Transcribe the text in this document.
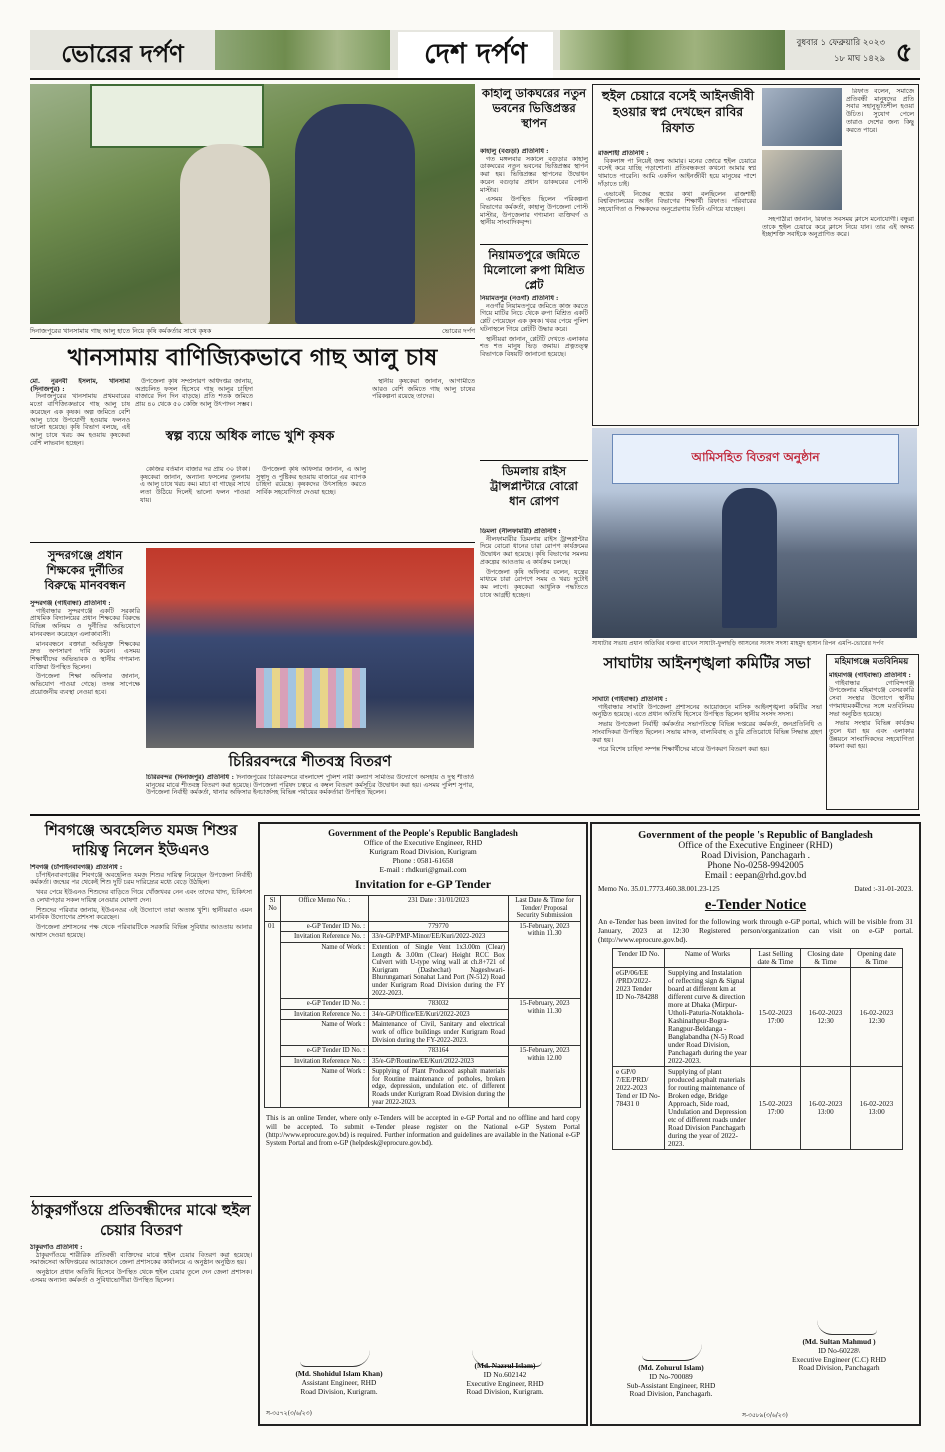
ভোরের দর্পণ	দেশ দর্পণ	বুধবার ১ ফেব্রুয়ারি ২০২৩
১৮ মাঘ ১৪২৯ ৫
দিনাজপুরের খানসামায় গাছ আলু হাতে নিয়ে কৃষি কর্মকর্তার সাথে কৃষক	ভোরের দর্পণ
কাহালু ডাকঘরের নতুন ভবনের ভিত্তিপ্রস্তর স্থাপন
কাহালু (বগুড়া) প্রতিনিধি :

গত মঙ্গলবার সকালে বগুড়ার কাহালু ডাকঘরের নতুন ভবনের ভিত্তিপ্রস্তর স্থাপন করা হয়। ভিত্তিপ্রস্তর স্থাপনের উদ্বোধন করেন বগুড়ার প্রধান ডাকঘরের পোস্ট মাস্টার।

এসময় উপস্থিত ছিলেন পরিকল্পনা বিভাগের কর্মকর্তা, কাহালু উপজেলা পোস্ট মাস্টার, উপজেলার গণ্যমান্য ব্যক্তিবর্গ ও স্থানীয় সাংবাদিকবৃন্দ।

নিয়ামতপুরে জমিতে মিলোলো রুপা মিশ্রিত প্লেট
নিয়ামতপুর (নওগাঁ) প্রতিনিধি :

নওগাঁর নিয়ামতপুরে জমিতে কাজ করতে গিয়ে মাটির নিচে থেকে রুপা মিশ্রিত একটি প্লেট পেয়েছেন এক কৃষক। খবর পেয়ে পুলিশ ঘটনাস্থলে গিয়ে প্লেটটি উদ্ধার করে।

স্থানীয়রা জানান, প্লেটটি দেখতে এলাকার শত শত মানুষ ভিড় জমায়। প্রত্নতত্ত্ব বিভাগকে বিষয়টি জানানো হয়েছে।

ডিমলায় রাইস ট্রান্সপ্লান্টারে বোরো ধান রোপণ
ডিমলা (নীলফামারী) প্রতিনিধি :

নীলফামারীর ডিমলায় রাইস ট্রান্সপ্লান্টার দিয়ে বোরো ধানের চারা রোপণ কার্যক্রমের উদ্বোধন করা হয়েছে। কৃষি বিভাগের সমলয় প্রকল্পের আওতায় এ কার্যক্রম চলছে।

উপজেলা কৃষি অফিসার বলেন, যন্ত্রের মাধ্যমে চারা রোপণে সময় ও খরচ দুটোই কম লাগে। কৃষকেরা আধুনিক পদ্ধতিতে চাষে আগ্রহী হচ্ছেন।

হুইল চেয়ারে বসেই আইনজীবী হওয়ার স্বপ্ন দেখছেন রাবির রিফাত

রিফাত বলেন, সমাজে প্রতিবন্ধী মানুষদের প্রতি সবার সহানুভূতিশীল হওয়া উচিত। সুযোগ পেলে তারাও দেশের জন্য কিছু করতে পারে।

রাজশাহী প্রতিনিধি :

বিকলাঙ্গ পা নিয়েই জন্ম আমার। মনের জোরে হুইল চেয়ারে বসেই করে যাচ্ছি পড়াশোনা। প্রতিবন্ধকতা কখনো আমার স্বপ্ন থামাতে পারেনি। আমি একদিন আইনজীবী হয়ে মানুষের পাশে দাঁড়াতে চাই।

এভাবেই নিজের স্বপ্নের কথা বলছিলেন রাজশাহী বিশ্ববিদ্যালয়ের আইন বিভাগের শিক্ষার্থী রিফাত। পরিবারের সহযোগিতা ও শিক্ষকদের অনুপ্রেরণায় তিনি এগিয়ে যাচ্ছেন।

সহপাঠীরা জানান, রিফাত সবসময় ক্লাসে মনোযোগী। বন্ধুরা তাকে হুইল চেয়ারে করে ক্লাসে নিয়ে যান। তার এই অদম্য ইচ্ছাশক্তি সবাইকে অনুপ্রাণিত করে।

আমিসহিত বিতরণ অনুষ্ঠান
সাঘাটার সভায় প্রধান অতিথির বক্তব্য রাখেন সাঘাটা-ফুলছড়ি আসনের সংসদ সদস্য মাহমুদ হাসান রিপন এমপি-ভোরের দর্পণ
সাঘাটায় আইনশৃঙ্খলা কমিটির সভা
সাঘাটা (গাইবান্ধা) প্রতিনিধি :

গাইবান্ধার সাঘাটা উপজেলা প্রশাসনের আয়োজনে মাসিক আইনশৃঙ্খলা কমিটির সভা অনুষ্ঠিত হয়েছে। এতে প্রধান অতিথি হিসেবে উপস্থিত ছিলেন স্থানীয় সংসদ সদস্য।

সভায় উপজেলা নির্বাহী কর্মকর্তার সভাপতিত্বে বিভিন্ন দপ্তরের কর্মকর্তা, জনপ্রতিনিধি ও সাংবাদিকরা উপস্থিত ছিলেন। সভায় মাদক, বাল্যবিবাহ ও চুরি প্রতিরোধে বিভিন্ন সিদ্ধান্ত গ্রহণ করা হয়।

পরে বিশেষ চাহিদা সম্পন্ন শিক্ষার্থীদের মাঝে উপকরণ বিতরণ করা হয়।

মহিমাগঞ্জে মতবিনিময়
মহিমাগঞ্জ (গাইবান্ধা) প্রতিনিধি :

গাইবান্ধার গোবিন্দগঞ্জ উপজেলার মহিমাগঞ্জে বেসরকারি সেবা সংস্থার উদ্যোগে স্থানীয় গণমাধ্যমকর্মীদের সঙ্গে মতবিনিময় সভা অনুষ্ঠিত হয়েছে।

সভায় সংস্থার বিভিন্ন কার্যক্রম তুলে ধরা হয় এবং এলাকার উন্নয়নে সাংবাদিকদের সহযোগিতা কামনা করা হয়।

খানসামায় বাণিজ্যিকভাবে গাছ আলু চাষ
মো. নুরনবী ইসলাম, খানসামা (দিনাজপুর) :

দিনাজপুরের খানসামায় প্রথমবারের মতো বাণিজ্যিকভাবে গাছ আলু চাষ করেছেন এক কৃষক। অল্প জমিতে বেশি আলু চাষে উপযোগী হওয়ায় ফলনও ভালো হয়েছে। কৃষি বিভাগ বলছে, এই আলু চাষে খরচ কম হওয়ায় কৃষকেরা বেশি লাভবান হচ্ছেন।

উপজেলা কৃষি সম্প্রসারণ অধিদপ্তর জানায়, অপ্রচলিত ফসল হিসেবে গাছ আলুর চাহিদা বাজারে দিন দিন বাড়ছে। প্রতি শতক জমিতে প্রায় ৪০ থেকে ৫০ কেজি আলু উৎপাদন সম্ভব।

স্বল্প ব্যয়ে অধিক লাভে খুশি কৃষক

কেজির বর্তমান বাজার দর প্রায় ৩০ টাকা। কৃষকেরা জানান, অন্যান্য ফসলের তুলনায় এ আলু চাষে খরচ কম। মাচা বা গাছের সাথে লতা উঠিয়ে দিলেই ভালো ফলন পাওয়া যায়।

উপজেলা কৃষি অফিসার জানান, এ আলু সুস্বাদু ও পুষ্টিকর হওয়ায় বাজারে এর ব্যাপক চাহিদা রয়েছে। কৃষকদের উৎসাহিত করতে সার্বিক সহযোগিতা দেওয়া হচ্ছে।

স্থানীয় কৃষকেরা জানান, আগামীতে আরও বেশি জমিতে গাছ আলু চাষের পরিকল্পনা রয়েছে তাদের।

সুন্দরগঞ্জে প্রধান শিক্ষকের দুর্নীতির বিরুদ্ধে মানববন্ধন
সুন্দরগঞ্জ (গাইবান্ধা) প্রতিনিধি :

গাইবান্ধার সুন্দরগঞ্জে একটি সরকারি প্রাথমিক বিদ্যালয়ের প্রধান শিক্ষকের বিরুদ্ধে বিভিন্ন অনিয়ম ও দুর্নীতির অভিযোগে মানববন্ধন করেছেন এলাকাবাসী।

মানববন্ধনে বক্তারা অভিযুক্ত শিক্ষকের দ্রুত অপসারণ দাবি করেন। এসময় শিক্ষার্থীদের অভিভাবক ও স্থানীয় গণ্যমান্য ব্যক্তিরা উপস্থিত ছিলেন।

উপজেলা শিক্ষা অফিসার জানান, অভিযোগ পাওয়া গেছে। তদন্ত সাপেক্ষে প্রয়োজনীয় ব্যবস্থা নেওয়া হবে।

চিরিরবন্দরে শীতবস্ত্র বিতরণ
চিরিরবন্দর (দিনাজপুর) প্রতিনিধি : দিনাজপুরের চিরিরবন্দরে বাংলাদেশ পুলিশ নারী কল্যাণ সমিতির উদ্যোগে অসহায় ও দুস্থ শীতার্ত মানুষের মাঝে শীতবস্ত্র বিতরণ করা হয়েছে। উপজেলা পরিষদ চত্বরে এ কম্বল বিতরণ কর্মসূচির উদ্বোধন করা হয়। এসময় পুলিশ সুপার, উপজেলা নির্বাহী কর্মকর্তা, থানার অফিসার ইনচার্জসহ বিভিন্ন পর্যায়ের কর্মকর্তারা উপস্থিত ছিলেন।
শিবগঞ্জে অবহেলিত যমজ শিশুর দায়িত্ব নিলেন ইউএনও
শিবগঞ্জ (চাঁপাইনবাবগঞ্জ) প্রতিনিধি :

চাঁপাইনবাবগঞ্জের শিবগঞ্জে অবহেলিত যমজ শিশুর দায়িত্ব নিয়েছেন উপজেলা নির্বাহী কর্মকর্তা। জন্মের পর থেকেই শিশু দুটি চরম দারিদ্র্যের মধ্যে বেড়ে উঠছিল।

খবর পেয়ে ইউএনও শিশুদের বাড়িতে গিয়ে খোঁজখবর নেন এবং তাদের খাদ্য, চিকিৎসা ও লেখাপড়ার সকল দায়িত্ব নেওয়ার ঘোষণা দেন।

শিশুদের পরিবার জানায়, ইউএনওর এই উদ্যোগে তারা অত্যন্ত খুশি। স্থানীয়রাও এমন মানবিক উদ্যোগের প্রশংসা করেছেন।

উপজেলা প্রশাসনের পক্ষ থেকে পরিবারটিকে সরকারি বিভিন্ন সুবিধার আওতায় আনার আশ্বাস দেওয়া হয়েছে।

ঠাকুরগাঁওয়ে প্রতিবন্ধীদের মাঝে হুইল চেয়ার বিতরণ
ঠাকুরগাঁও প্রতিনিধি :

ঠাকুরগাঁওয়ে শারীরিক প্রতিবন্ধী ব্যক্তিদের মাঝে হুইল চেয়ার বিতরণ করা হয়েছে। সমাজসেবা অধিদপ্তরের আয়োজনে জেলা প্রশাসকের কার্যালয়ে এ অনুষ্ঠান অনুষ্ঠিত হয়।

অনুষ্ঠানে প্রধান অতিথি হিসেবে উপস্থিত থেকে হুইল চেয়ার তুলে দেন জেলা প্রশাসক। এসময় অন্যান্য কর্মকর্তা ও সুবিধাভোগীরা উপস্থিত ছিলেন।

Government of the People's Republic Bangladesh
Office of the Executive Engineer, RHD
Kurigram Road Division, Kurigram
Phone : 0581-61658
E-mail : rhdkuri@gmail.com
Invitation for e-GP Tender
Sl No	Office Memo No. :	231 Date : 31/01/2023	Last Date & Time for Tender/ Proposal Security Submission
01	e-GP Tender ID No. :	779770	15-February, 2023 within 11.30
	Invitation Reference No. :	33/e-GP/PMP-Minor/EE/Kuri/2022-2023	
	Name of Work :	Extention of Single Vent 1x3.00m (Clear) Length & 3.00m (Clear) Height RCC Box Culvert with U-type wing wall at ch.8+721 of Kurigram (Dashechat) Nageshwari-Bhurungamari Sonahat Land Port (N-512) Road under Kurigram Road Division during the FY 2022-2023.	
	e-GP Tender ID No. :	783032	15-February, 2023 within 11.30
	Invitation Reference No. :	34/e-GP/Office/EE/Kuri/2022-2023	
	Name of Work :	Maintenance of Civil, Sanitary and electrical work of office buildings under Kurigram Road Division during the FY-2022-2023.	
	e-GP Tender ID No. :	783164	15-February, 2023 within 12.00
	Invitation Reference No. :	35/e-GP/Routine/EE/Kuri/2022-2023	
	Name of Work :	Supplying of Plant Produced asphalt materials for Routine maintenance of potholes, broken edge, depression, undulation etc. of different Roads under Kurigram Road Division during the year 2022-2023.	
This is an online Tender, where only e-Tenders will be accepted in e-GP Portal and no offline and hard copy will be accepted. To submit e-Tender please register on the National e-GP System Portal (http://www.eprocure.gov.bd) is required. Further information and guidelines are available in the National e-GP System Portal and from e-GP (helpdesk@eprocure.gov.bd).
(Md. Shohidul Islam Khan)
Assistant Engineer, RHD
Road Division, Kurigram.
(Md. Nazrul Islam)
ID No.602142
Executive Engineer, RHD
Road Division, Kurigram.
স-৩৫৭২(৩/৬/২৩)
Government of the people 's Republic of Bangladesh
Office of the Executive Engineer (RHD)
Road Division, Panchagarh .
Phone No-0258-9942005
Email : eepan@rhd.gov.bd
Memo No. 35.01.7773.460.38.001.23-125	Dated :-31-01-2023.
e-Tender Notice
An e-Tender has been invited for the following work through e-GP portal, which will be visible from 31 January, 2023 at 12:30 Registered person/organization can visit on e-GP portal. (http://www.eprocure.gov.bd).
Tender ID No.	Name of Works	Last Selling date & Time	Closing date & Time	Opening date & Time
eGP/06/EE /PRD/2022-2023 Tender ID No-784288	Supplying and Instalation of reflecting sign & Signal board at different km at different curve & direction more at Dhaka (Mirpur-Utholi-Paturia-Notakhola-Kashinathpur-Bogra-Rangpur-Beldanga - Banglabandha (N-5) Road under Road Division, Panchagarh during the year 2022-2023.	15-02-2023 17:00	16-02-2023 12:30	16-02-2023 12:30
e GP/0 7/EE/PRD/ 2022-2023 Tend er ID No-78431 0	Supplying of plant produced asphalt materials for routing maintenance of Broken edge, Bridge Approach, Side road, Undulation and Depression etc of different roads under Road Division Panchagarh during the year of 2022-2023.	15-02-2023 17:00	16-02-2023 13:00	16-02-2023 13:00
(Md. Zohurul Islam)
ID No-700089
Sub-Assistant Engineer, RHD
Road Division, Panchagarh.
(Md. Sultan Mahmud )
ID No-60228\
Executive Engineer (C.C) RHD
Road Division, Panchagarh
স-৩৫৮৯(৩/৬/২৩)
